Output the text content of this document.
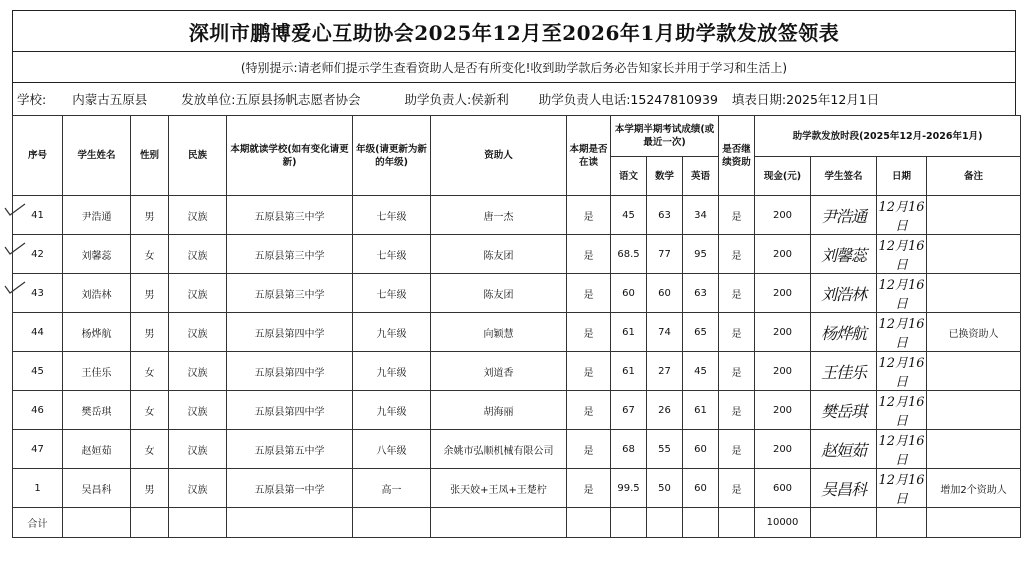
深圳市鹏博爱心互助协会2025年12月至2026年1月助学款发放签领表
(特别提示:请老师们提示学生查看资助人是否有所变化!收到助学款后务必告知家长并用于学习和生活上)
学校: 内蒙古五原县	发放单位: 五原县扬帆志愿者协会	助学负责人: 侯新利 助学负责人电话: 15247810939 填表日期: 2025年12月1日
序号	学生姓名	性别	民族	本期就读学校(如有变化请更新)	年级(请更新为新的年级)	资助人	本期是否在读	本学期半期考试成绩(或最近一次)			是否继续资助	助学款发放时段(2025年12月-2026年1月)			
								语文	数学	英语		现金(元)	学生签名	日期	备注
41	尹浩通	男	汉族	五原县第三中学	七年级	唐一杰	是	45	63	34	是	200	尹浩通	12月16日	
42	刘馨蕊	女	汉族	五原县第三中学	七年级	陈友团	是	68.5	77	95	是	200	刘馨蕊	12月16日	
43	刘浩林	男	汉族	五原县第三中学	七年级	陈友团	是	60	60	63	是	200	刘浩林	12月16日	
44	杨烨航	男	汉族	五原县第四中学	九年级	向颖慧	是	61	74	65	是	200	杨烨航	12月16日	已换资助人
45	王佳乐	女	汉族	五原县第四中学	九年级	刘道香	是	61	27	45	是	200	王佳乐	12月16日	
46	樊岳琪	女	汉族	五原县第四中学	九年级	胡海丽	是	67	26	61	是	200	樊岳琪	12月16日	
47	赵姮茹	女	汉族	五原县第五中学	八年级	余姚市弘顺机械有限公司	是	68	55	60	是	200	赵姮茹	12月16日	
1	吴昌科	男	汉族	五原县第一中学	高一	张天姣+王凤+王楚柠	是	99.5	50	60	是	600	吴昌科	12月16日	增加2个资助人
合计												10000			
